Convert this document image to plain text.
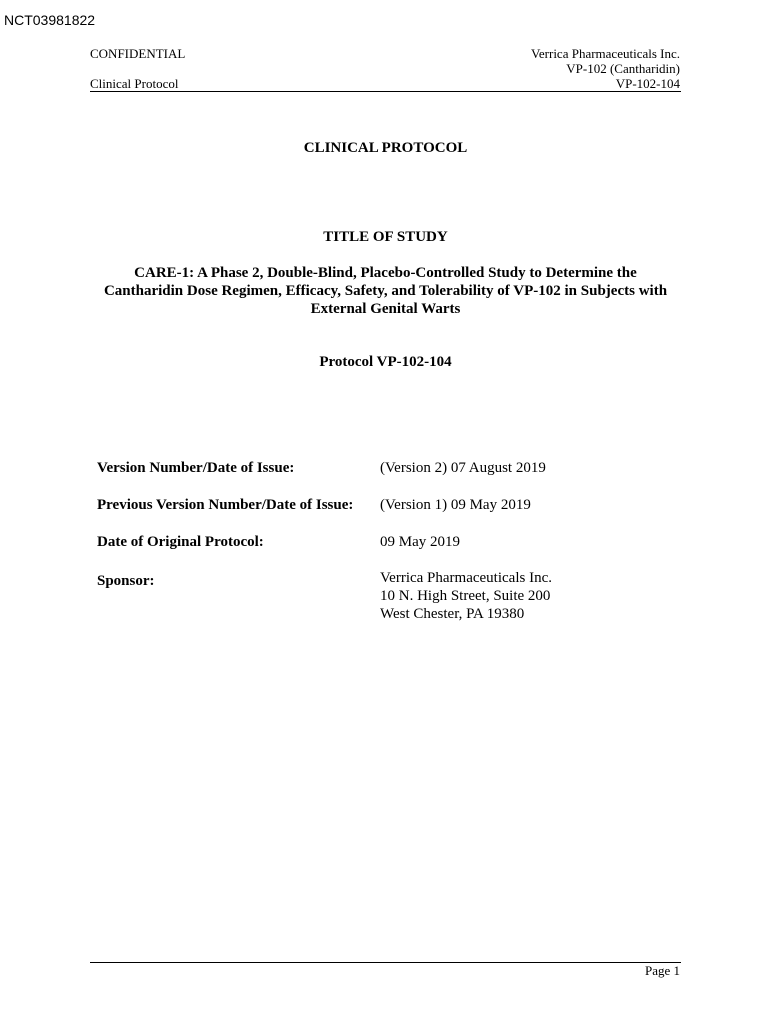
NCT03981822
CONFIDENTIAL
Clinical Protocol
Verrica Pharmaceuticals Inc.
VP-102 (Cantharidin)
VP-102-104
CLINICAL PROTOCOL
TITLE OF STUDY
CARE-1: A Phase 2, Double-Blind, Placebo-Controlled Study to Determine the
Cantharidin Dose Regimen, Efficacy, Safety, and Tolerability of VP-102 in Subjects with
External Genital Warts
Protocol VP-102-104
Version Number/Date of Issue:	(Version 2) 07 August 2019
Previous Version Number/Date of Issue: (Version 1) 09 May 2019
Date of Original Protocol:	09 May 2019
Sponsor:	Verrica Pharmaceuticals Inc.
10 N. High Street, Suite 200
West Chester, PA 19380
Page 1
